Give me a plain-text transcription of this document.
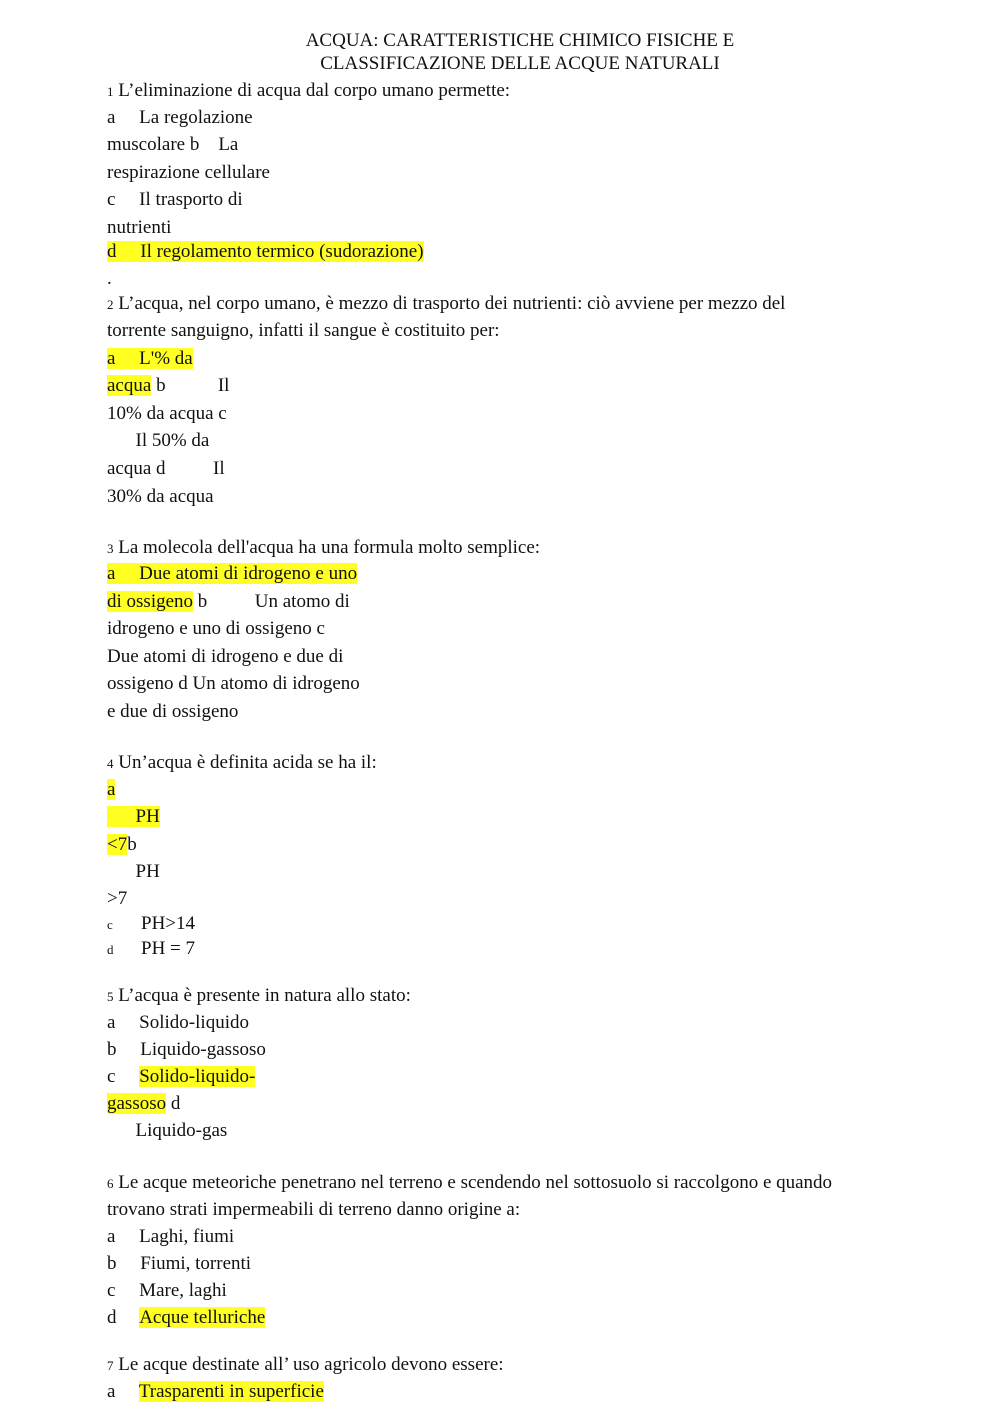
ACQUA: CARATTERISTICHE CHIMICO FISICHE E
CLASSIFICAZIONE DELLE ACQUE NATURALI
1 L’eliminazione di acqua dal corpo umano permette:
a     La regolazione
muscolare b    La
respirazione cellulare
c     Il trasporto di
nutrienti
d     Il regolamento termico (sudorazione)
.
2 L’acqua, nel corpo umano, è mezzo di trasporto dei nutrienti: ciò avviene per mezzo del
torrente sanguigno, infatti il sangue è costituito per:
a     L'% da
acqua b           Il
10% da acqua c
Il 50% da
acqua d          Il
30% da acqua
3 La molecola dell'acqua ha una formula molto semplice:
a     Due atomi di idrogeno e uno
di ossigeno b          Un atomo di
idrogeno e uno di ossigeno c
Due atomi di idrogeno e due di
ossigeno d Un atomo di idrogeno
e due di ossigeno
4 Un’acqua è definita acida se ha il:
a
PH
<7b
PH
>7
c PH>14
d PH = 7
5 L’acqua è presente in natura allo stato:
a     Solido-liquido
b     Liquido-gassoso
c     Solido-liquido-
gassoso d
Liquido-gas
6 Le acque meteoriche penetrano nel terreno e scendendo nel sottosuolo si raccolgono e quando
trovano strati impermeabili di terreno danno origine a:
a     Laghi, fiumi
b     Fiumi, torrenti
c     Mare, laghi
d     Acque telluriche
7 Le acque destinate all’ uso agricolo devono essere:
a     Trasparenti in superficie
